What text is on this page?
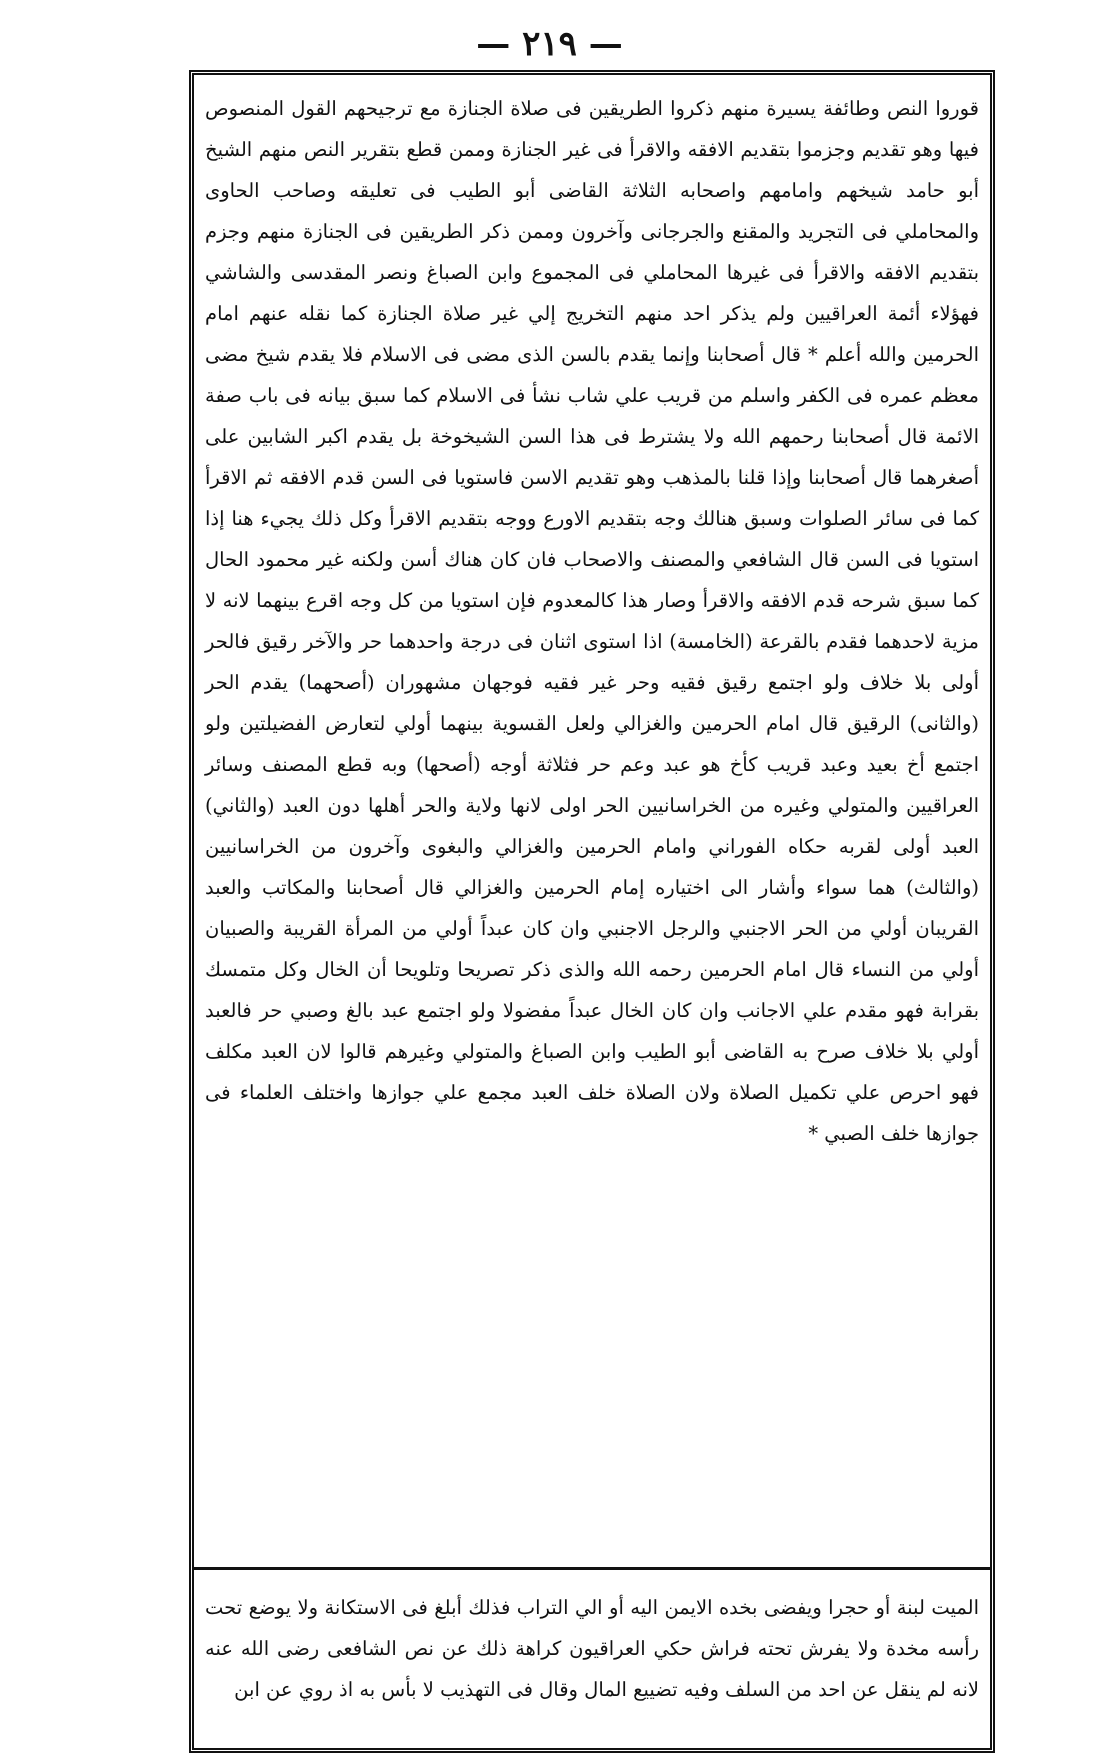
— ٢١٩ —

قوروا النص وطائفة يسيرة منهم ذكروا الطريقين فى صلاة الجنازة مع ترجيحهم القول المنصوص فيها وهو تقديم وجزموا بتقديم الافقه والاقرأ فى غير الجنازة وممن قطع بتقرير النص منهم الشيخ أبو حامد شيخهم وامامهم واصحابه الثلاثة القاضى أبو الطيب فى تعليقه وصاحب الحاوى والمحاملي فى التجريد والمقنع والجرجانى وآخرون وممن ذكر الطريقين فى الجنازة منهم وجزم بتقديم الافقه والاقرأ فى غيرها المحاملي فى المجموع وابن الصباغ ونصر المقدسى والشاشي فهؤلاء أئمة العراقيين ولم يذكر احد منهم التخريج إلي غير صلاة الجنازة كما نقله عنهم امام الحرمين والله أعلم * قال أصحابنا وإنما يقدم بالسن الذى مضى فى الاسلام فلا يقدم شيخ مضى معظم عمره فى الكفر واسلم من قريب علي شاب نشأ فى الاسلام كما سبق بيانه فى باب صفة الائمة قال أصحابنا رحمهم الله ولا يشترط فى هذا السن الشيخوخة بل يقدم اكبر الشابين على أصغرهما قال أصحابنا وإذا قلنا بالمذهب وهو تقديم الاسن فاستويا فى السن قدم الافقه ثم الاقرأ كما فى سائر الصلوات وسبق هنالك وجه بتقديم الاورع ووجه بتقديم الاقرأ وكل ذلك يجيء هنا إذا استويا فى السن قال الشافعي والمصنف والاصحاب فان كان هناك أسن ولكنه غير محمود الحال كما سبق شرحه قدم الافقه والاقرأ وصار هذا كالمعدوم فإن استويا من كل وجه اقرع بينهما لانه لا مزية لاحدهما فقدم بالقرعة (الخامسة) اذا استوى اثنان فى درجة واحدهما حر والآخر رقيق فالحر أولى بلا خلاف ولو اجتمع رقيق فقيه وحر غير فقيه فوجهان مشهوران (أصحهما) يقدم الحر (والثانى) الرقيق قال امام الحرمين والغزالي ولعل القسوية بينهما أولي لتعارض الفضيلتين ولو اجتمع أخ بعيد وعبد قريب كأخ هو عبد وعم حر فثلاثة أوجه (أصحها) وبه قطع المصنف وسائر العراقيين والمتولي وغيره من الخراسانيين الحر اولى لانها ولاية والحر أهلها دون العبد (والثاني) العبد أولى لقربه حكاه الفوراني وامام الحرمين والغزالي والبغوى وآخرون من الخراسانيين (والثالث) هما سواء وأشار الى اختياره إمام الحرمين والغزالي قال أصحابنا والمكاتب والعبد القريبان أولي من الحر الاجنبي والرجل الاجنبي وان كان عبداً أولي من المرأة القريبة والصبيان أولي من النساء قال امام الحرمين رحمه الله والذى ذكر تصريحا وتلويحا أن الخال وكل متمسك بقرابة فهو مقدم علي الاجانب وان كان الخال عبداً مفضولا ولو اجتمع عبد بالغ وصبي حر فالعبد أولي بلا خلاف صرح به القاضى أبو الطيب وابن الصباغ والمتولي وغيرهم قالوا لان العبد مكلف فهو احرص علي تكميل الصلاة ولان الصلاة خلف العبد مجمع علي جوازها واختلف العلماء فى جوازها خلف الصبي *

الميت لبنة أو حجرا ويفضى بخده الايمن اليه أو الي التراب فذلك أبلغ فى الاستكانة ولا يوضع تحت رأسه مخدة ولا يفرش تحته فراش حكي العراقيون كراهة ذلك عن نص الشافعى رضى الله عنه لانه لم ينقل عن احد من السلف وفيه تضييع المال وقال فى التهذيب لا بأس به اذ روي عن ابن
